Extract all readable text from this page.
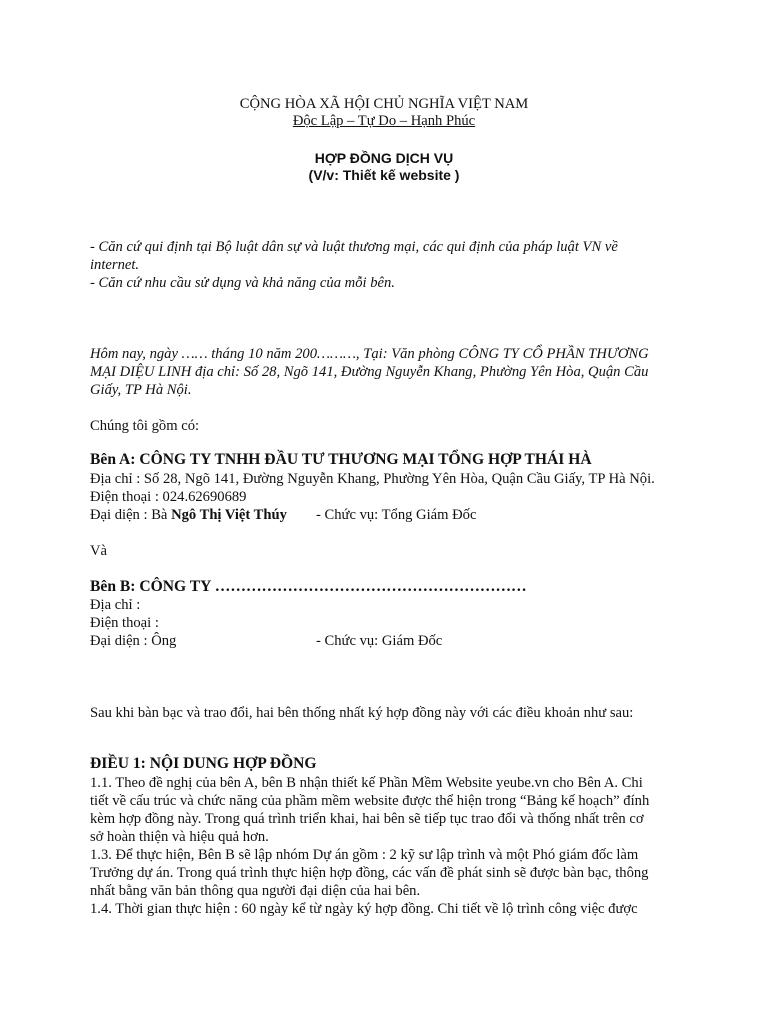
CỘNG HÒA XÃ HỘI CHỦ NGHĨA VIỆT NAM
Độc Lập – Tự Do – Hạnh Phúc
HỢP ĐỒNG DỊCH VỤ
(V/v: Thiết kế website )
- Căn cứ qui định tại Bộ luật dân sự và luật thương mại, các qui định của pháp luật VN về
internet.
- Căn cứ nhu cầu sử dụng và khả năng của mỗi bên.
Hôm nay, ngày …… tháng 10 năm 200………, Tại: Văn phòng CÔNG TY CỔ PHẦN THƯƠNG
MẠI DIỆU LINH địa chỉ: Số 28, Ngõ 141, Đường Nguyễn Khang, Phường Yên Hòa, Quận Cầu
Giấy, TP Hà Nội.
Chúng tôi gồm có:
Bên A: CÔNG TY TNHH ĐẦU TƯ THƯƠNG MẠI TỔNG HỢP THÁI HÀ
Địa chỉ : Số 28, Ngõ 141, Đường Nguyễn Khang, Phường Yên Hòa, Quận Cầu Giấy, TP Hà Nội.
Điện thoại : 024.62690689
Đại diện : Bà Ngô Thị Việt Thúy - Chức vụ: Tổng Giám Đốc
Và
Bên B: CÔNG TY ……………………………………………………
Địa chỉ :
Điện thoại :
Đại diện : Ông	- Chức vụ: Giám Đốc
Sau khi bàn bạc và trao đổi, hai bên thống nhất ký hợp đồng này với các điều khoản như sau:
ĐIỀU 1: NỘI DUNG HỢP ĐỒNG
1.1. Theo đề nghị của bên A, bên B nhận thiết kế Phần Mềm Website yeube.vn cho Bên A. Chi
tiết về cấu trúc và chức năng của phầm mềm website được thể hiện trong “Bảng kế hoạch” đính
kèm hợp đồng này. Trong quá trình triển khai, hai bên sẽ tiếp tục trao đổi và thống nhất trên cơ
sở hoàn thiện và hiệu quả hơn.
1.3. Để thực hiện, Bên B sẽ lập nhóm Dự án gồm : 2 kỹ sư lập trình và một Phó giám đốc làm
Trưởng dự án. Trong quá trình thực hiện hợp đồng, các vấn đề phát sinh sẽ được bàn bạc, thông
nhất bằng văn bản thông qua người đại diện của hai bên.
1.4. Thời gian thực hiện : 60 ngày kể từ ngày ký hợp đồng. Chi tiết về lộ trình công việc được
